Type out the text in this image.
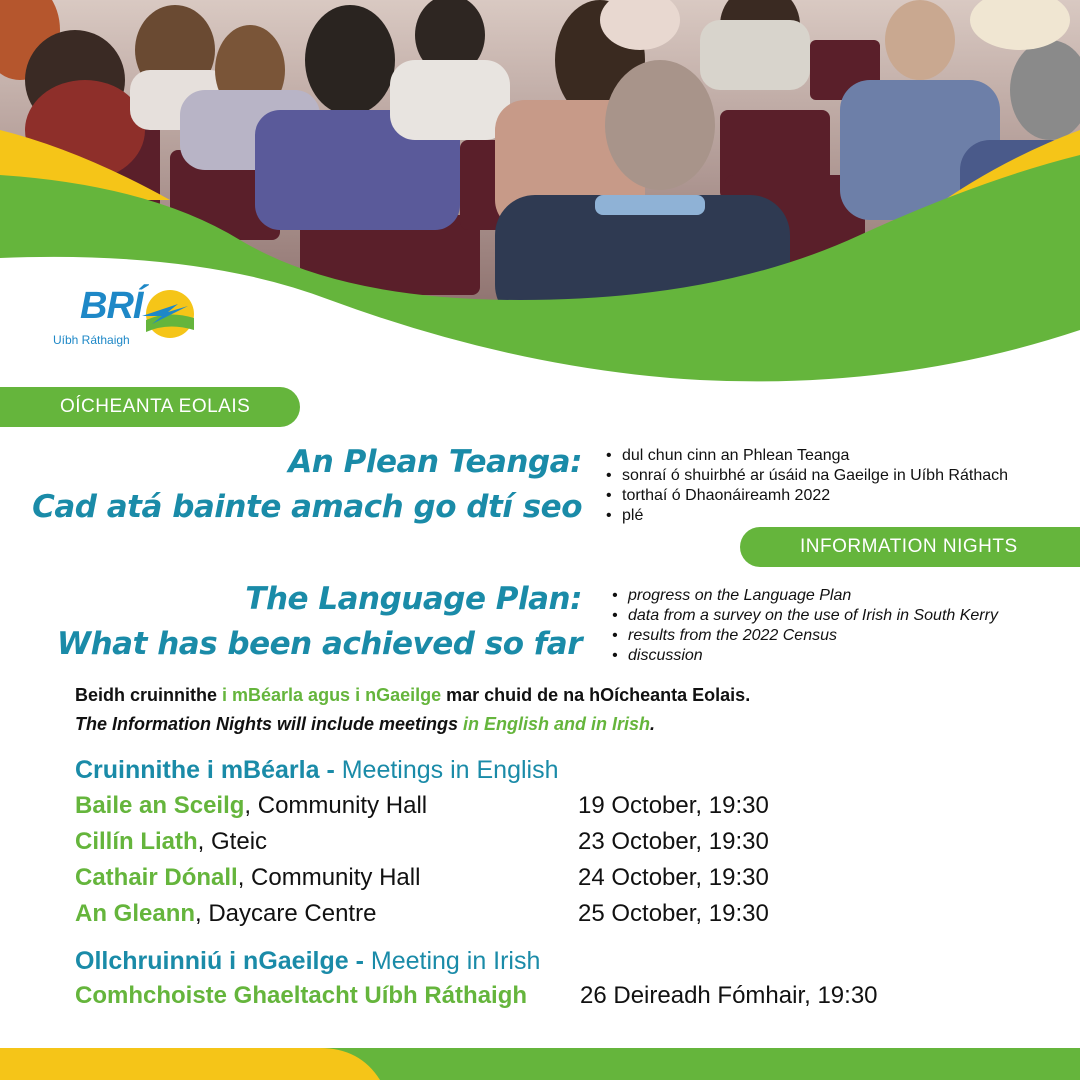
BRÍ
Uíbh Ráthaigh
OÍCHEANTA EOLAIS
INFORMATION NIGHTS
An Plean Teanga:
Cad atá bainte amach go dtí seo
The Language Plan:
What has been achieved so far
• dul chun cinn an Phlean Teanga
• sonraí ó shuirbhé ar úsáid na Gaeilge in Uíbh Ráthach
• torthaí ó Dhaonáireamh 2022
• plé
• progress on the Language Plan
• data from a survey on the use of Irish in South Kerry
• results from the 2022 Census
• discussion
Beidh cruinnithe i mBéarla agus i nGaeilge mar chuid de na hOícheanta Eolais.
The Information Nights will include meetings in English and in Irish.
Cruinnithe i mBéarla - Meetings in English
Baile an Sceilg, Community Hall	19 October, 19:30
Cillín Liath, Gteic	23 October, 19:30
Cathair Dónall, Community Hall	24 October, 19:30
An Gleann, Daycare Centre	25 October, 19:30
Ollchruinniú i nGaeilge - Meeting in Irish
Comhchoiste Ghaeltacht Uíbh Ráthaigh 26 Deireadh Fómhair, 19:30
